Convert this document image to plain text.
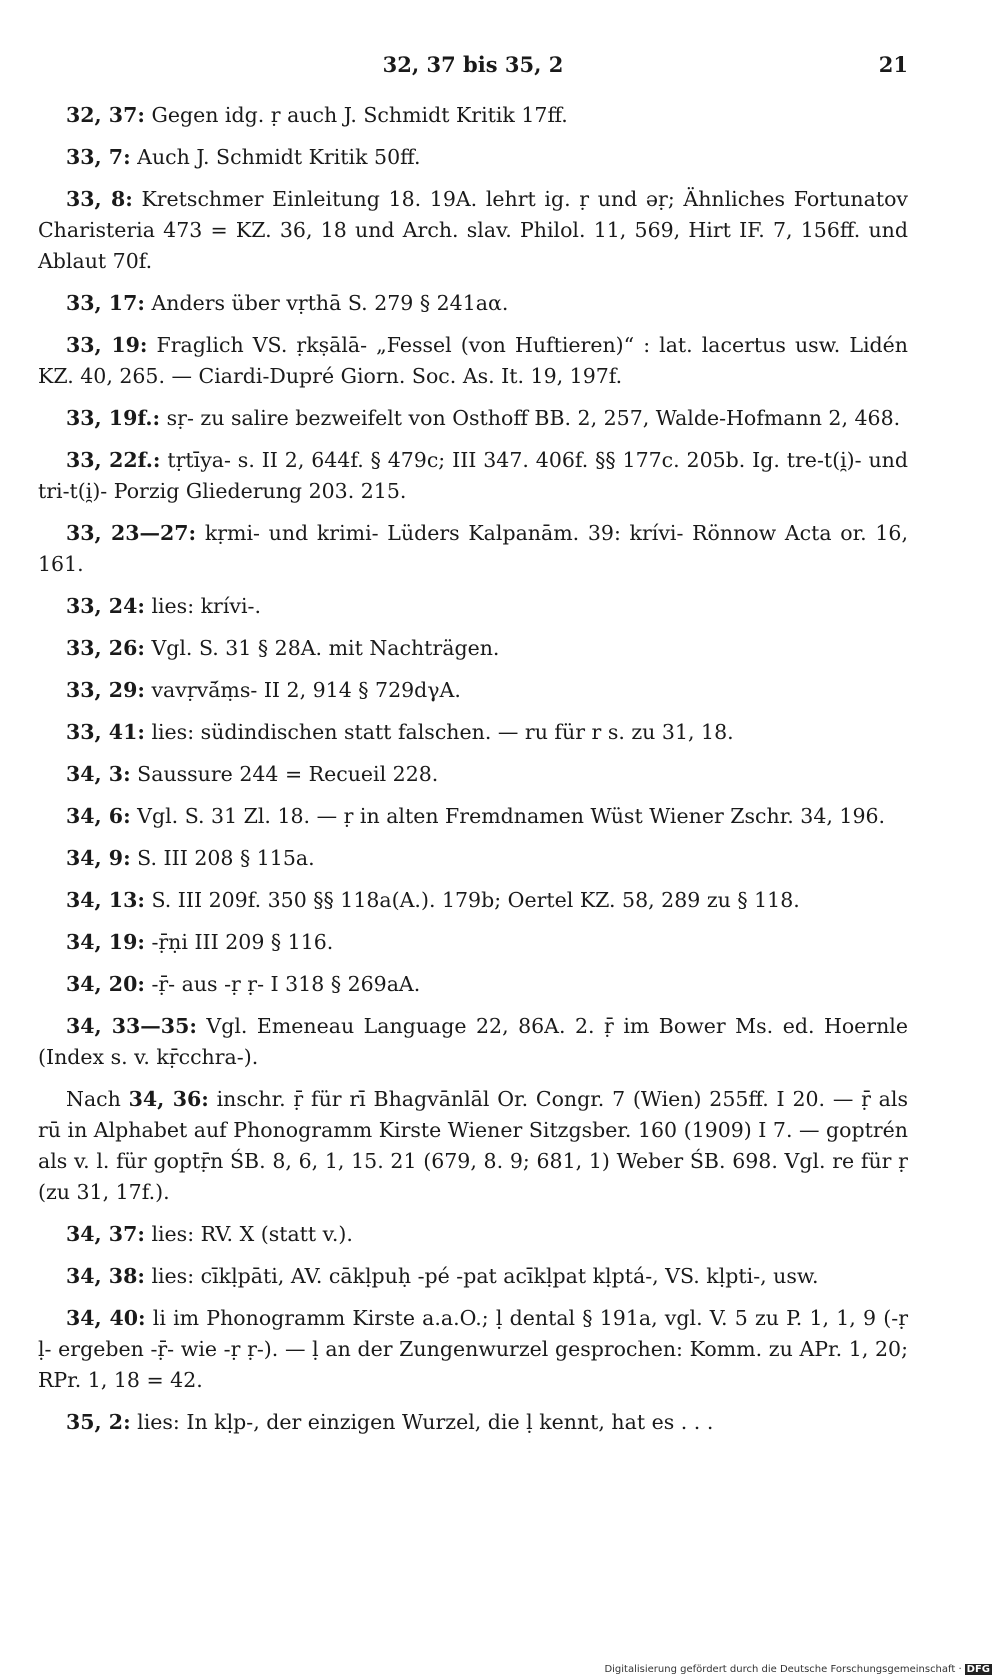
32, 37 bis 35, 2	21

32, 37: Gegen idg. ṛ auch J. Schmidt Kritik 17ff.

33, 7: Auch J. Schmidt Kritik 50ff.

33, 8: Kretschmer Einleitung 18. 19A. lehrt ig. ṛ und əṛ; Ähnliches Fortunatov Charisteria 473 = KZ. 36, 18 und Arch. slav. Philol. 11, 569, Hirt IF. 7, 156ff. und Ablaut 70f.

33, 17: Anders über vṛthā S. 279 § 241aα.

33, 19: Fraglich VS. ṛkṣālā- „Fessel (von Huftieren)“ : lat. lacertus usw. Lidén KZ. 40, 265. — Ciardi-Dupré Giorn. Soc. As. It. 19, 197f.

33, 19f.: sṛ- zu salire bezweifelt von Osthoff BB. 2, 257, Walde-Hofmann 2, 468.

33, 22f.: tṛtīya- s. II 2, 644f. § 479c; III 347. 406f. §§ 177c. 205b. Ig. tre-t(i̯)- und tri-t(i̯)- Porzig Gliederung 203. 215.

33, 23—27: kṛmi- und krimi- Lüders Kalpanām. 39: krívi- Rönnow Acta or. 16, 161.

33, 24: lies: krívi-.

33, 26: Vgl. S. 31 § 28A. mit Nachträgen.

33, 29: vavṛvā́ṃs- II 2, 914 § 729dγA.

33, 41: lies: südindischen statt falschen. — ru für r s. zu 31, 18.

34, 3: Saussure 244 = Recueil 228.

34, 6: Vgl. S. 31 Zl. 18. — ṛ in alten Fremdnamen Wüst Wiener Zschr. 34, 196.

34, 9: S. III 208 § 115a.

34, 13: S. III 209f. 350 §§ 118a(A.). 179b; Oertel KZ. 58, 289 zu § 118.

34, 19: -ṝṇi III 209 § 116.

34, 20: -ṝ- aus -ṛ ṛ- I 318 § 269aA.

34, 33—35: Vgl. Emeneau Language 22, 86A. 2. ṝ im Bower Ms. ed. Hoernle (Index s. v. kṝcchra-).

Nach 34, 36: inschr. ṝ für rī Bhagvānlāl Or. Congr. 7 (Wien) 255ff. I 20. — ṝ als rū in Alphabet auf Phonogramm Kirste Wiener Sitzgsber. 160 (1909) I 7. — goptrén als v. l. für goptṝn ŚB. 8, 6, 1, 15. 21 (679, 8. 9; 681, 1) Weber ŚB. 698. Vgl. re für ṛ (zu 31, 17f.).

34, 37: lies: RV. X (statt v.).

34, 38: lies: cīkḷpāti, AV. cākḷpuḥ -pé -pat acīkḷpat kḷptá-, VS. kḷpti-, usw.

34, 40: li im Phonogramm Kirste a.a.O.; ḷ dental § 191a, vgl. V. 5 zu P. 1, 1, 9 (-ṛ ḷ- ergeben -ṝ- wie -ṛ ṛ-). — ḷ an der Zungenwurzel gesprochen: Komm. zu APr. 1, 20; RPr. 1, 18 = 42.

35, 2: lies: In kḷp-, der einzigen Wurzel, die ḷ kennt, hat es . . .

Digitalisierung gefördert durch die Deutsche Forschungsgemeinschaft · DFG
